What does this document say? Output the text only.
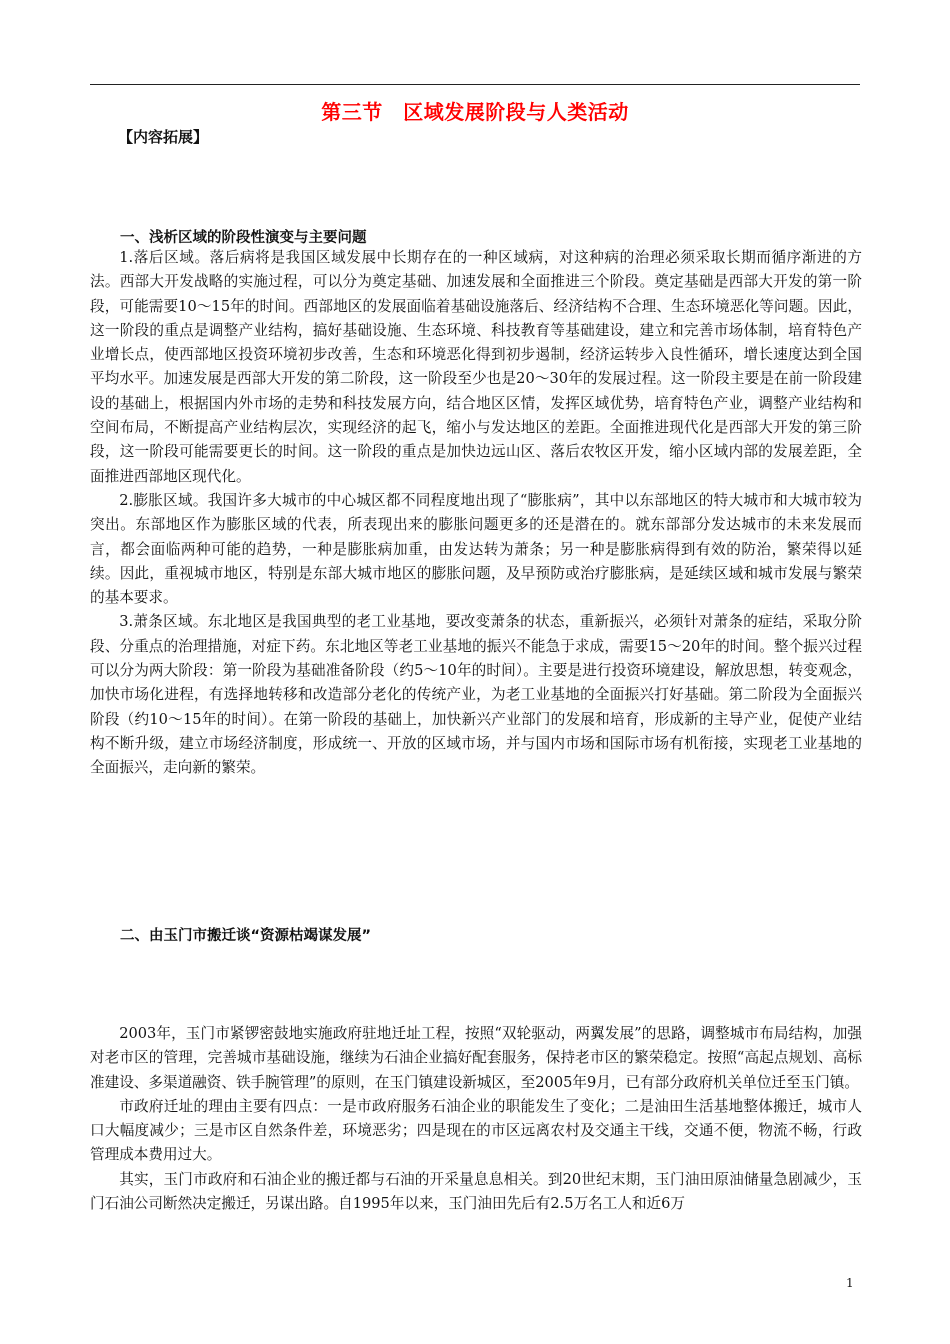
第三节　区域发展阶段与人类活动
【内容拓展】
一、浅析区域的阶段性演变与主要问题

1.落后区域。落后病将是我国区域发展中长期存在的一种区域病，对这种病的治理必须采取长期而循序渐进的方法。西部大开发战略的实施过程，可以分为奠定基础、加速发展和全面推进三个阶段。奠定基础是西部大开发的第一阶段，可能需要10～15年的时间。西部地区的发展面临着基础设施落后、经济结构不合理、生态环境恶化等问题。因此，这一阶段的重点是调整产业结构，搞好基础设施、生态环境、科技教育等基础建设，建立和完善市场体制，培育特色产业增长点，使西部地区投资环境初步改善，生态和环境恶化得到初步遏制，经济运转步入良性循环，增长速度达到全国平均水平。加速发展是西部大开发的第二阶段，这一阶段至少也是20～30年的发展过程。这一阶段主要是在前一阶段建设的基础上，根据国内外市场的走势和科技发展方向，结合地区区情，发挥区域优势，培育特色产业，调整产业结构和空间布局，不断提高产业结构层次，实现经济的起飞，缩小与发达地区的差距。全面推进现代化是西部大开发的第三阶段，这一阶段可能需要更长的时间。这一阶段的重点是加快边远山区、落后农牧区开发，缩小区域内部的发展差距，全面推进西部地区现代化。

2.膨胀区域。我国许多大城市的中心城区都不同程度地出现了“膨胀病”，其中以东部地区的特大城市和大城市较为突出。东部地区作为膨胀区域的代表，所表现出来的膨胀问题更多的还是潜在的。就东部部分发达城市的未来发展而言，都会面临两种可能的趋势，一种是膨胀病加重，由发达转为萧条；另一种是膨胀病得到有效的防治，繁荣得以延续。因此，重视城市地区，特别是东部大城市地区的膨胀问题，及早预防或治疗膨胀病，是延续区域和城市发展与繁荣的基本要求。

3.萧条区域。东北地区是我国典型的老工业基地，要改变萧条的状态，重新振兴，必须针对萧条的症结，采取分阶段、分重点的治理措施，对症下药。东北地区等老工业基地的振兴不能急于求成，需要15～20年的时间。整个振兴过程可以分为两大阶段：第一阶段为基础准备阶段（约5～10年的时间）。主要是进行投资环境建设，解放思想，转变观念，加快市场化进程，有选择地转移和改造部分老化的传统产业，为老工业基地的全面振兴打好基础。第二阶段为全面振兴阶段（约10～15年的时间）。在第一阶段的基础上，加快新兴产业部门的发展和培育，形成新的主导产业，促使产业结构不断升级，建立市场经济制度，形成统一、开放的区域市场，并与国内市场和国际市场有机衔接，实现老工业基地的全面振兴，走向新的繁荣。

二、由玉门市搬迁谈“资源枯竭谋发展”

2003年，玉门市紧锣密鼓地实施政府驻地迁址工程，按照“双轮驱动，两翼发展”的思路，调整城市布局结构，加强对老市区的管理，完善城市基础设施，继续为石油企业搞好配套服务，保持老市区的繁荣稳定。按照“高起点规划、高标准建设、多渠道融资、铁手腕管理”的原则，在玉门镇建设新城区，至2005年9月，已有部分政府机关单位迁至玉门镇。

市政府迁址的理由主要有四点：一是市政府服务石油企业的职能发生了变化；二是油田生活基地整体搬迁，城市人口大幅度减少；三是市区自然条件差，环境恶劣；四是现在的市区远离农村及交通主干线，交通不便，物流不畅，行政管理成本费用过大。

其实，玉门市政府和石油企业的搬迁都与石油的开采量息息相关。到20世纪末期，玉门油田原油储量急剧减少，玉门石油公司断然决定搬迁，另谋出路。自1995年以来，玉门油田先后有2.5万名工人和近6万

1
